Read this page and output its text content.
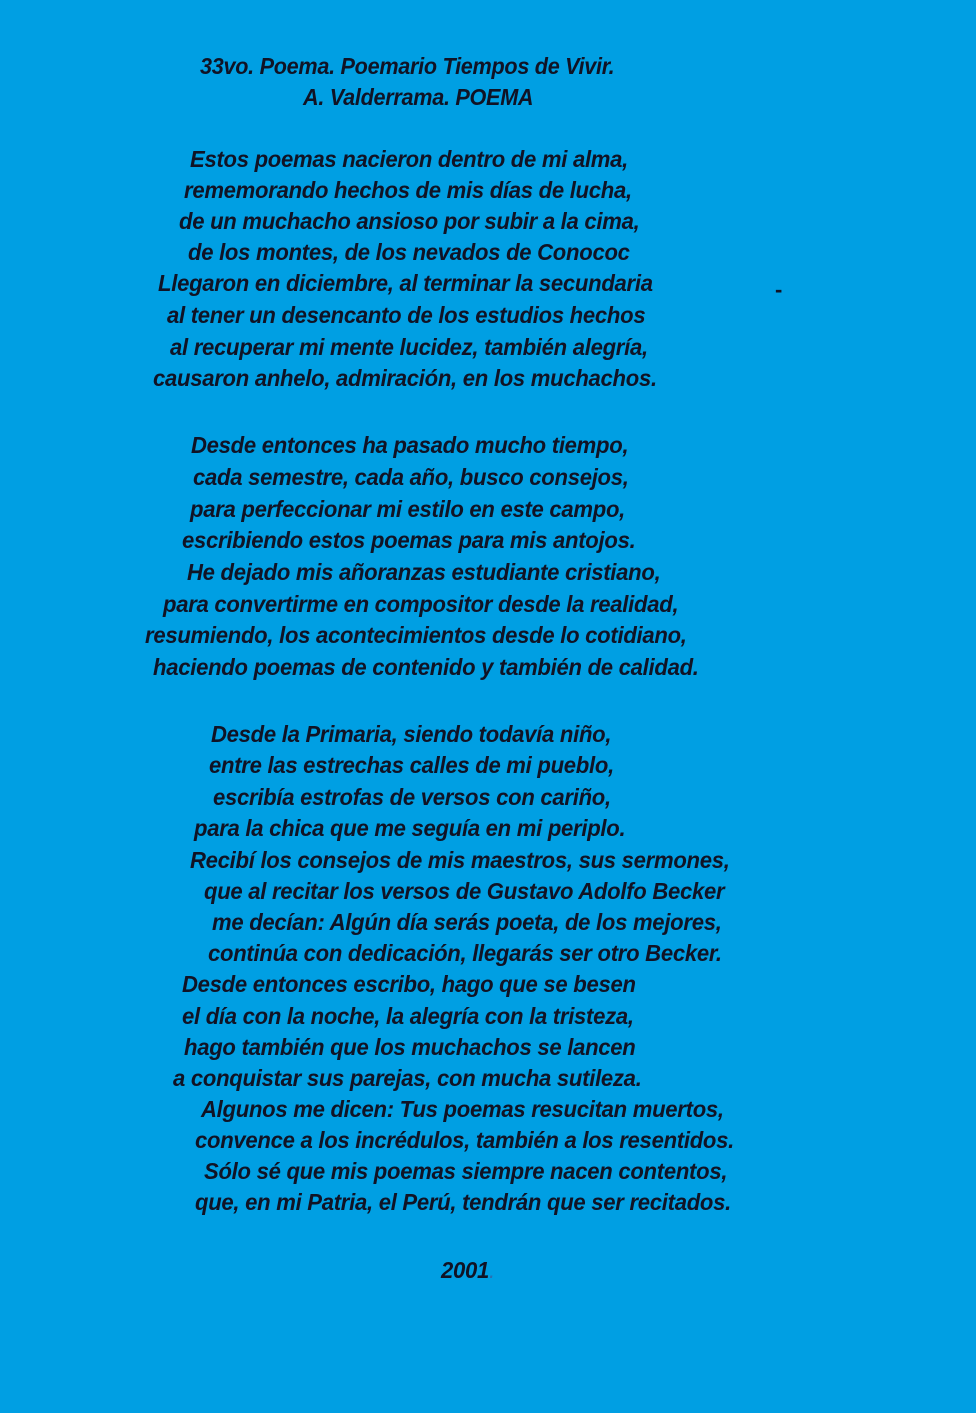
33vo. Poema. Poemario Tiempos de Vivir.
A. Valderrama. POEMA
Estos poemas nacieron dentro de mi alma,
rememorando hechos de mis días de lucha,
de un muchacho ansioso por subir a la cima,
de los montes, de los nevados de Conococ
Llegaron en diciembre, al terminar la secundaria	-
al tener un desencanto de los estudios hechos
al recuperar mi mente lucidez, también alegría,
causaron anhelo, admiración, en los muchachos.
Desde entonces ha pasado mucho tiempo,
cada semestre, cada año, busco consejos,
para perfeccionar mi estilo en este campo,
escribiendo estos poemas para mis antojos.
He dejado mis añoranzas estudiante cristiano,
para convertirme en compositor desde la realidad,
resumiendo, los acontecimientos desde lo cotidiano,
haciendo poemas de contenido y también de calidad.
Desde la Primaria, siendo todavía niño,
entre las estrechas calles de mi pueblo,
escribía estrofas de versos con cariño,
para la chica que me seguía en mi periplo.
Recibí los consejos de mis maestros, sus sermones,
que al recitar los versos de Gustavo Adolfo Becker
me decían: Algún día serás poeta, de los mejores,
continúa con dedicación, llegarás ser otro Becker.
Desde entonces escribo, hago que se besen
el día con la noche, la alegría con la tristeza,
hago también que los muchachos se lancen
a conquistar sus parejas, con mucha sutileza.
Algunos me dicen: Tus poemas resucitan muertos,
convence a los incrédulos, también a los resentidos.
Sólo sé que mis poemas siempre nacen contentos,
que, en mi Patria, el Perú, tendrán que ser recitados.
2001.
